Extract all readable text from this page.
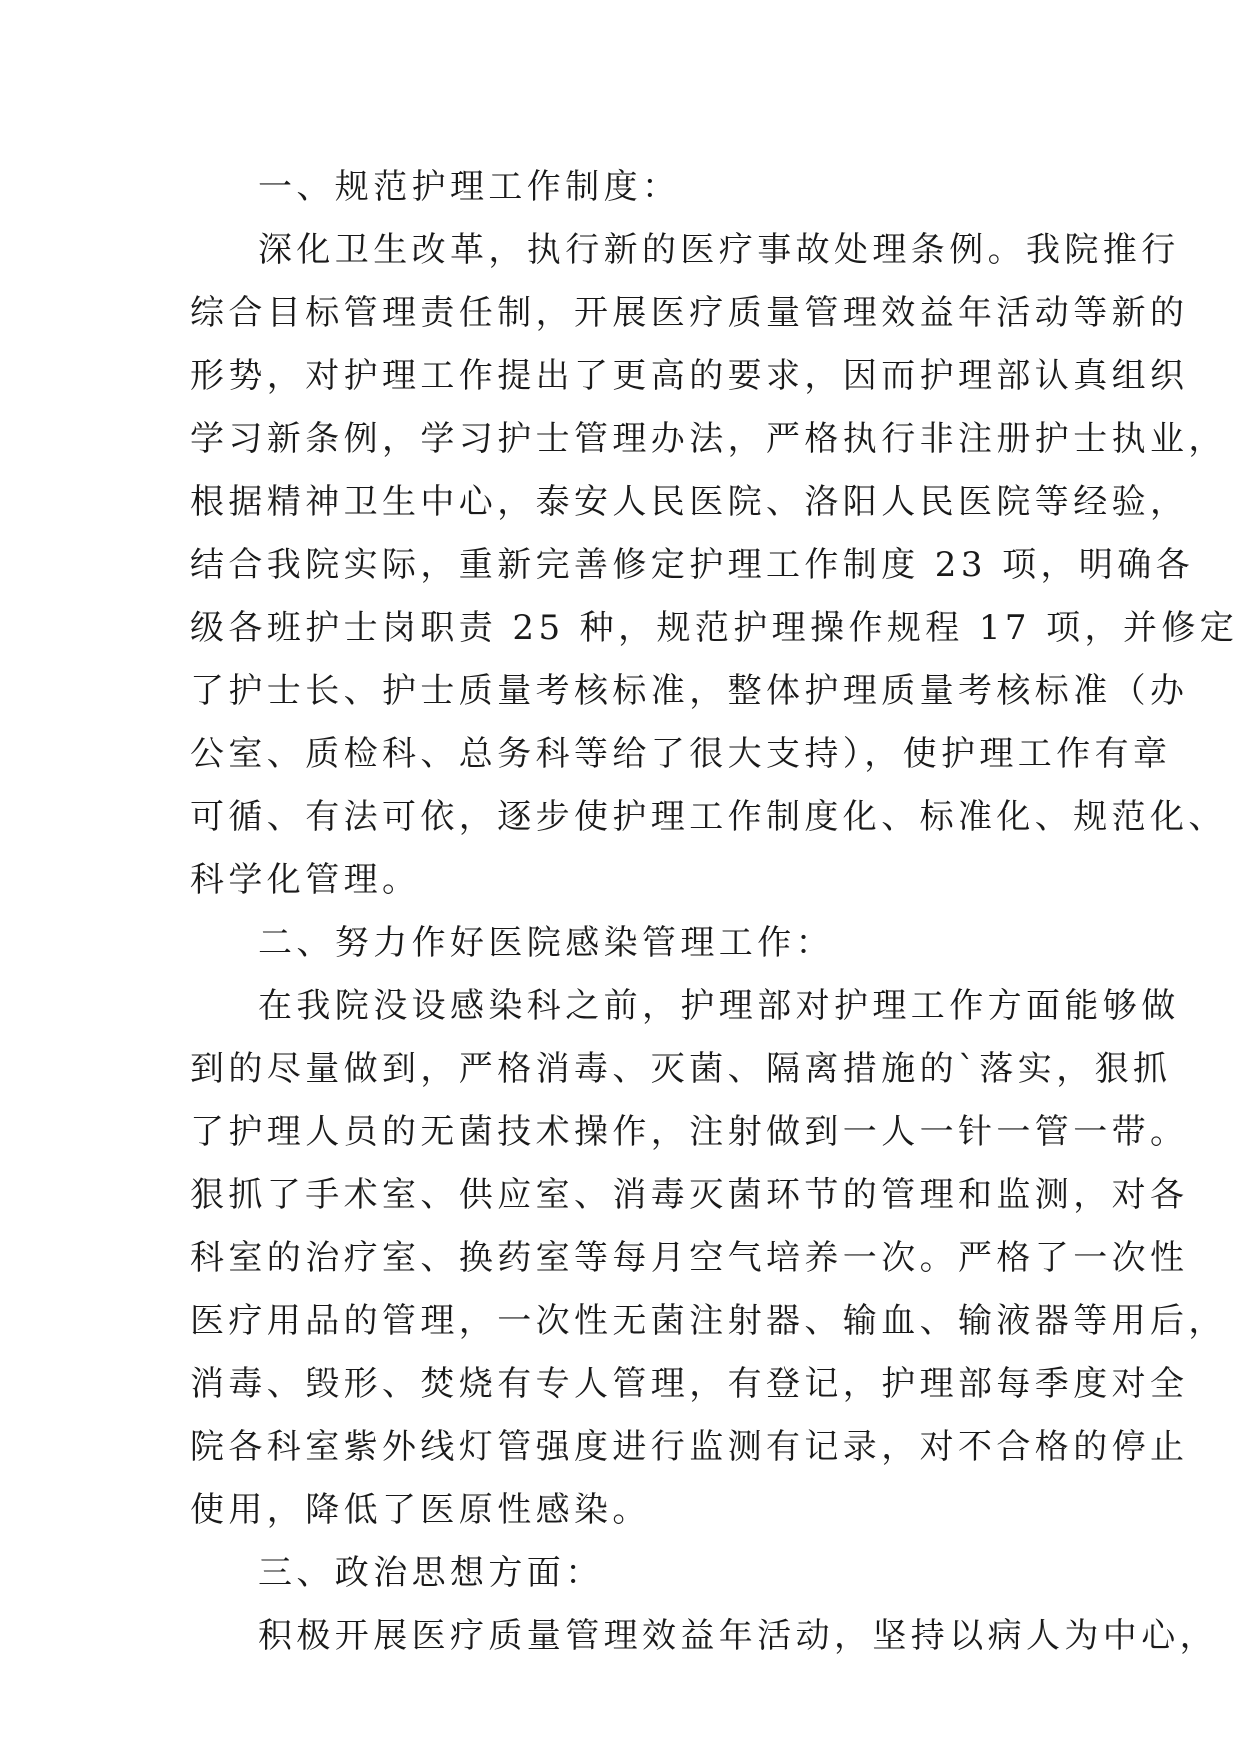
一、规范护理工作制度：
深化卫生改革，执行新的医疗事故处理条例。我院推行
综合目标管理责任制，开展医疗质量管理效益年活动等新的
形势，对护理工作提出了更高的要求，因而护理部认真组织
学习新条例，学习护士管理办法，严格执行非注册护士执业，
根据精神卫生中心，泰安人民医院、洛阳人民医院等经验，
结合我院实际，重新完善修定护理工作制度 23 项，明确各
级各班护士岗职责 25 种，规范护理操作规程 17 项，并修定
了护士长、护士质量考核标准，整体护理质量考核标准（办
公室、质检科、总务科等给了很大支持），使护理工作有章
可循、有法可依，逐步使护理工作制度化、标准化、规范化、
科学化管理。
二、努力作好医院感染管理工作：
在我院没设感染科之前，护理部对护理工作方面能够做
到的尽量做到，严格消毒、灭菌、隔离措施的`落实，狠抓
了护理人员的无菌技术操作，注射做到一人一针一管一带。
狠抓了手术室、供应室、消毒灭菌环节的管理和监测，对各
科室的治疗室、换药室等每月空气培养一次。严格了一次性
医疗用品的管理，一次性无菌注射器、输血、输液器等用后，
消毒、毁形、焚烧有专人管理，有登记，护理部每季度对全
院各科室紫外线灯管强度进行监测有记录，对不合格的停止
使用，降低了医原性感染。
三、政治思想方面：
积极开展医疗质量管理效益年活动，坚持以病人为中心，
